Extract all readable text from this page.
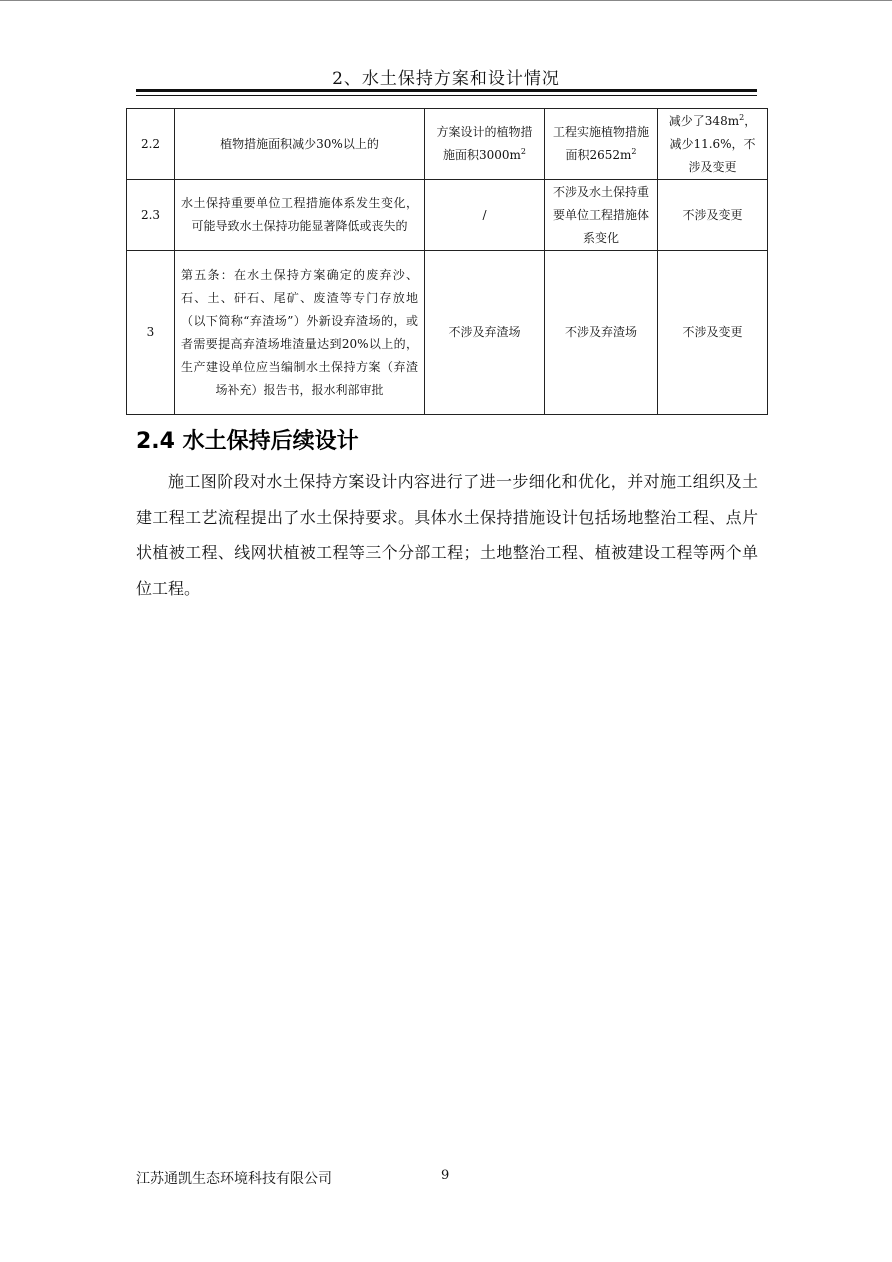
2、水土保持方案和设计情况
2.2	植物措施面积减少30%以上的	方案设计的植物措施面积$3000m^2$	工程实施植物措施面积$2652m^2$	减少了$348m^2$，减少11.6%，不涉及变更
2.3	水土保持重要单位工程措施体系发生变化，可能导致水土保持功能显著降低或丧失的	/	不涉及水土保持重要单位工程措施体系变化	不涉及变更
3	第五条：在水土保持方案确定的废弃沙、石、土、矸石、尾矿、废渣等专门存放地（以下简称“弃渣场”）外新设弃渣场的，或者需要提高弃渣场堆渣量达到20%以上的，生产建设单位应当编制水土保持方案（弃渣场补充）报告书，报水利部审批	不涉及弃渣场	不涉及弃渣场	不涉及变更
2.4 水土保持后续设计

施工图阶段对水土保持方案设计内容进行了进一步细化和优化，并对施工组织及土建工程工艺流程提出了水土保持要求。具体水土保持措施设计包括场地整治工程、点片状植被工程、线网状植被工程等三个分部工程；土地整治工程、植被建设工程等两个单位工程。

江苏通凯生态环境科技有限公司	9
